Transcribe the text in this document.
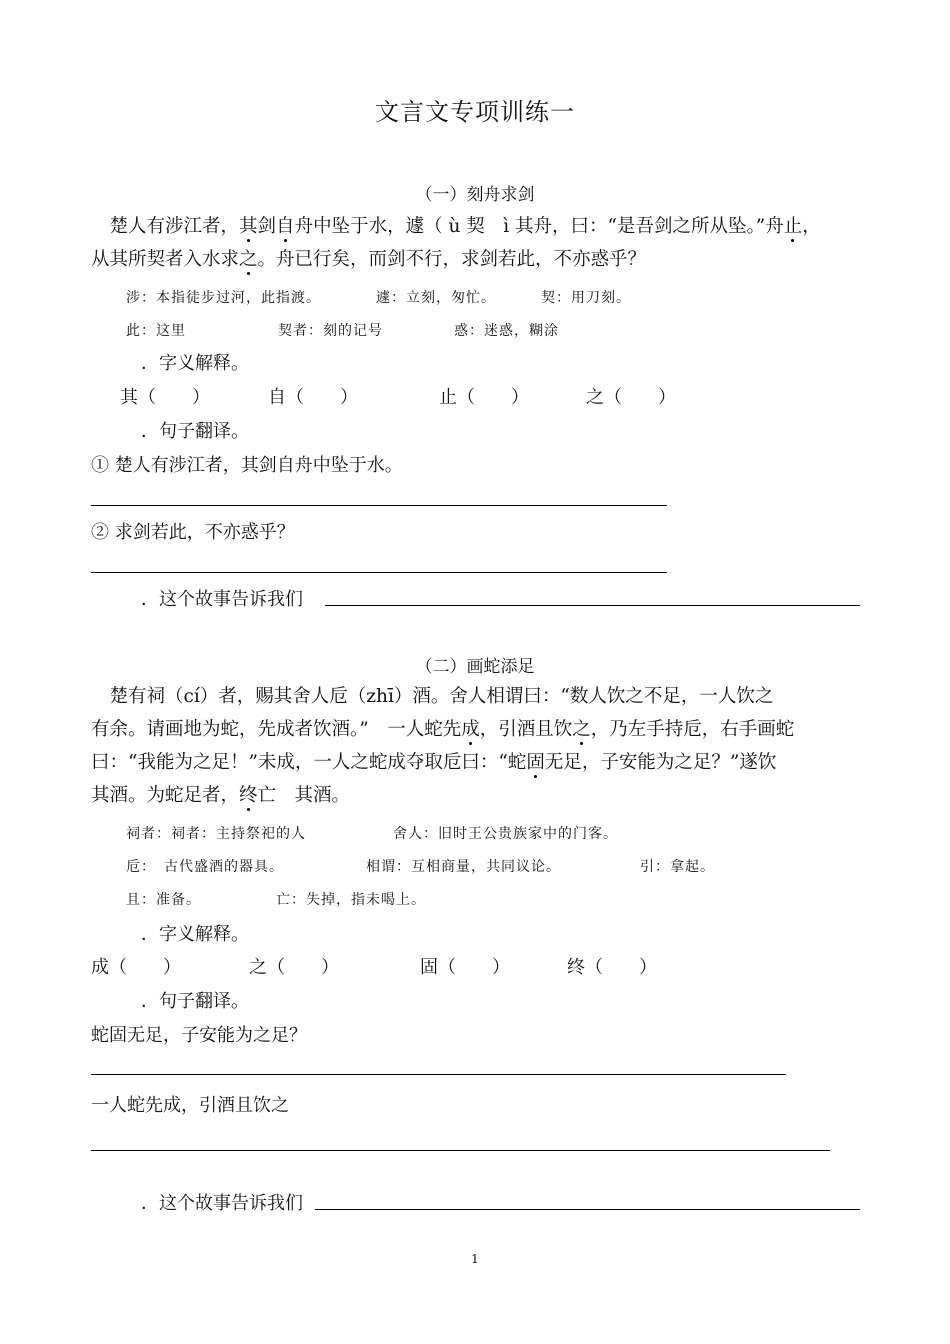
文言文专项训练一
（一）刻舟求剑
　楚人有涉江者，其剑自舟中坠于水，遽（ ù 契　ì 其舟，曰：“是吾剑之所从坠。”舟止，
从其所契者入水求之。舟已行矣，而剑不行，求剑若此，不亦惑乎？
涉：本指徒步过河，此指渡。	遽：立刻，匆忙。	契：用刀刻。
此：这里	契者：刻的记号	惑：迷惑，糊涂
．字义解释。
其（　　）	自（　　）	止（　　）	之（　　）
．句子翻译。
① 楚人有涉江者，其剑自舟中坠于水。
② 求剑若此，不亦惑乎？
．这个故事告诉我们
（二）画蛇添足
　楚有祠（cí）者，赐其舍人卮（zhī）酒。舍人相谓曰：“数人饮之不足，一人饮之
有余。请画地为蛇，先成者饮酒。”　一人蛇先成，引酒且饮之，乃左手持卮，右手画蛇
曰：“我能为之足！”未成，一人之蛇成夺取卮曰：“蛇固无足，子安能为之足？”遂饮
其酒。为蛇足者，终亡　其酒。
祠者：祠者：主持祭祀的人	舍人：旧时王公贵族家中的门客。
卮：　古代盛酒的器具。	相谓：互相商量，共同议论。	引：拿起。
且：准备。	亡：失掉，指未喝上。
．字义解释。
成（　　）	之（　　）	固（　　）	终（　　）
．句子翻译。
蛇固无足，子安能为之足？
一人蛇先成，引酒且饮之
．这个故事告诉我们
1
